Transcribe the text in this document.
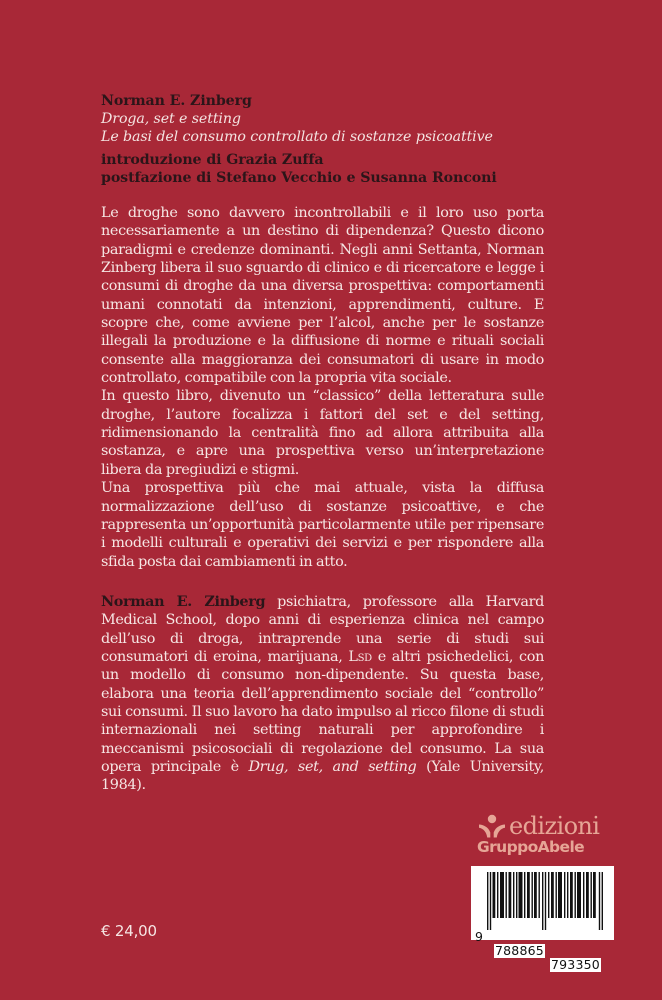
Norman E. Zinberg
Droga, set e setting
Le basi del consumo controllato di sostanze psicoattive
introduzione di Grazia Zuffa
postfazione di Stefano Vecchio e Susanna Ronconi

Le droghe sono davvero incontrollabili e il loro uso porta necessariamente a un destino di dipendenza? Questo dicono paradigmi e credenze dominanti. Negli anni Settanta, Norman Zinberg libera il suo sguardo di clinico e di ricercatore e legge i consumi di droghe da una diversa prospettiva: comportamenti umani connotati da intenzioni, apprendimenti, culture. E scopre che, come avviene per l’alcol, anche per le sostanze illegali la produzione e la diffusione di norme e rituali sociali consente alla maggioranza dei consumatori di usare in modo controllato, compatibile con la propria vita sociale.

In questo libro, divenuto un “classico” della letteratura sulle droghe, l’autore focalizza i fattori del set e del setting, ridimensionando la centralità fino ad allora attribuita alla sostanza, e apre una prospettiva verso un’interpretazione libera da pregiudizi e stigmi.

Una prospettiva più che mai attuale, vista la diffusa normalizzazione dell’uso di sostanze psicoattive, e che rappresenta un’opportunità particolarmente utile per ripensare i modelli culturali e operativi dei servizi e per rispondere alla sfida posta dai cambiamenti in atto.

Norman E. Zinberg psichiatra, professore alla Harvard Medical School, dopo anni di esperienza clinica nel campo dell’uso di droga, intraprende una serie di studi sui consumatori di eroina, marijuana, Lsd e altri psichedelici, con un modello di consumo non-dipendente. Su questa base, elabora una teoria dell’apprendimento sociale del “controllo” sui consumi. Il suo lavoro ha dato impulso al ricco filone di studi internazionali nei setting naturali per approfondire i meccanismi psicosociali di regolazione del consumo. La sua opera principale è Drug, set, and setting (Yale University, 1984).

edizioni
GruppoAbele

9

788865

793350

€ 24,00
